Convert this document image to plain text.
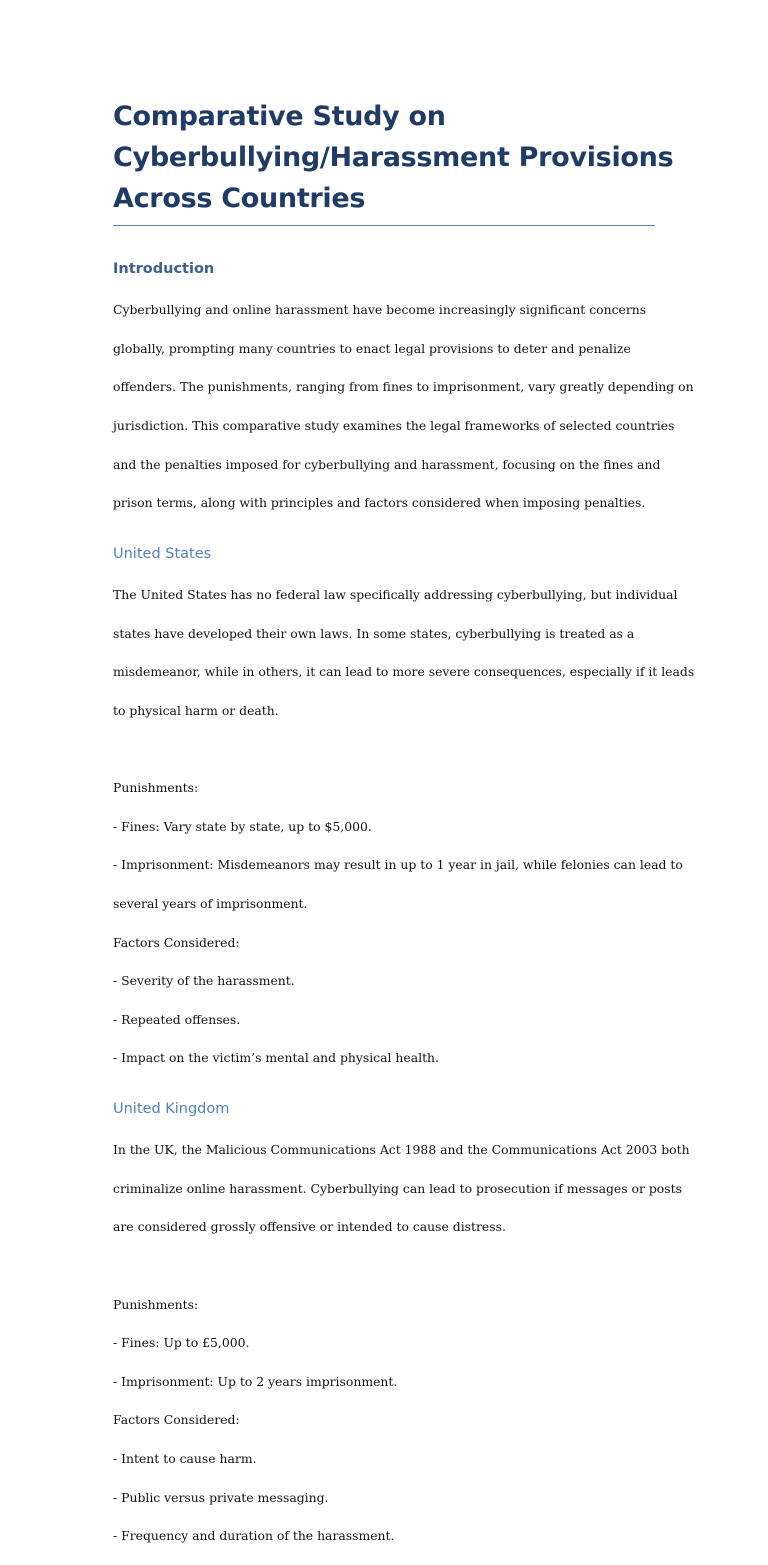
Comparative Study on
Cyberbullying/Harassment Provisions
Across Countries
Introduction

Cyberbullying and online harassment have become increasingly significant concerns

globally, prompting many countries to enact legal provisions to deter and penalize

offenders. The punishments, ranging from fines to imprisonment, vary greatly depending on

jurisdiction. This comparative study examines the legal frameworks of selected countries

and the penalties imposed for cyberbullying and harassment, focusing on the fines and

prison terms, along with principles and factors considered when imposing penalties.

United States

The United States has no federal law specifically addressing cyberbullying, but individual

states have developed their own laws. In some states, cyberbullying is treated as a

misdemeanor, while in others, it can lead to more severe consequences, especially if it leads

to physical harm or death.

Punishments:

- Fines: Vary state by state, up to $5,000.

- Imprisonment: Misdemeanors may result in up to 1 year in jail, while felonies can lead to

several years of imprisonment.

Factors Considered:

- Severity of the harassment.

- Repeated offenses.

- Impact on the victim’s mental and physical health.

United Kingdom

In the UK, the Malicious Communications Act 1988 and the Communications Act 2003 both

criminalize online harassment. Cyberbullying can lead to prosecution if messages or posts

are considered grossly offensive or intended to cause distress.

Punishments:

- Fines: Up to £5,000.

- Imprisonment: Up to 2 years imprisonment.

Factors Considered:

- Intent to cause harm.

- Public versus private messaging.

- Frequency and duration of the harassment.
